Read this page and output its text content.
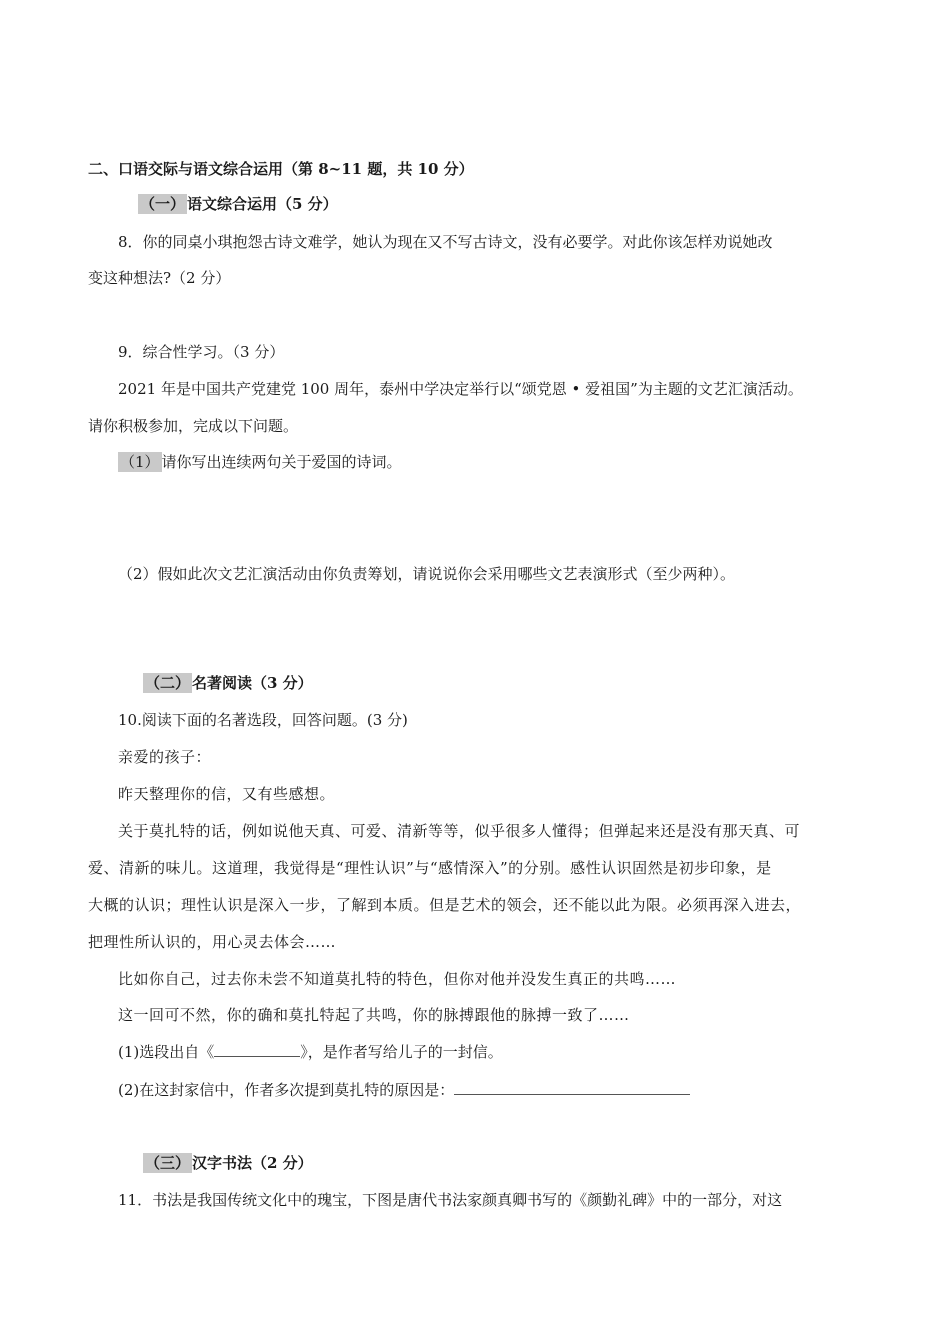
二、口语交际与语文综合运用（第 8~11 题，共 10 分）
（一） 语文综合运用（5 分）
8．你的同桌小琪抱怨古诗文难学，她认为现在又不写古诗文，没有必要学。对此你该怎样劝说她改
变这种想法?（2 分）
9．综合性学习。（3 分）
2021 年是中国共产党建党 100 周年，泰州中学决定举行以“颂党恩 • 爱祖国”为主题的文艺汇演活动。
请你积极参加，完成以下问题。
（1） 请你写出连续两句关于爱国的诗词。
（2）假如此次文艺汇演活动由你负责筹划，请说说你会采用哪些文艺表演形式（至少两种）。
（二） 名著阅读（3 分）
10.阅读下面的名著选段，回答问题。(3 分)
亲爱的孩子：
昨天整理你的信，又有些感想。
关于莫扎特的话，例如说他天真、可爱、清新等等，似乎很多人懂得；但弹起来还是没有那天真、可
爱、清新的味儿。这道理，我觉得是“理性认识”与“感情深入”的分别。感性认识固然是初步印象，是
大概的认识；理性认识是深入一步，了解到本质。但是艺术的领会，还不能以此为限。必须再深入进去，
把理性所认识的，用心灵去体会……
比如你自己，过去你未尝不知道莫扎特的特色，但你对他并没发生真正的共鸣……
这一回可不然，你的确和莫扎特起了共鸣，你的脉搏跟他的脉搏一致了……
(1)选段出自《	》，是作者写给儿子的一封信。
(2)在这封家信中，作者多次提到莫扎特的原因是：
（三） 汉字书法（2 分）
11．书法是我国传统文化中的瑰宝，下图是唐代书法家颜真卿书写的《颜勤礼碑》中的一部分，对这
